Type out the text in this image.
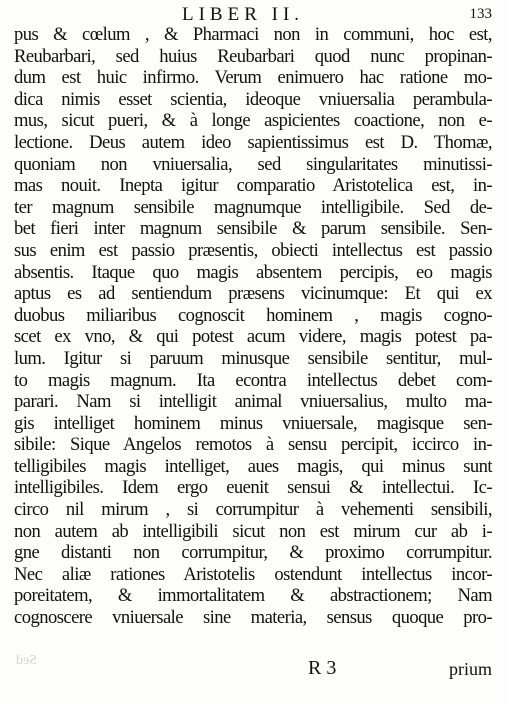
LIBER II.	133
pus & cœlum , & Pharmaci non in communi, hoc est,
Reubarbari, sed huius Reubarbari quod nunc propinan-
dum est huic infirmo. Verum enimuero hac ratione mo-
dica nimis esset scientia, ideoque vniuersalia perambula-
mus, sicut pueri, & à longe aspicientes coactione, non e-
lectione. Deus autem ideo sapientissimus est D. Thomæ,
quoniam non vniuersalia, sed singularitates minutissi-
mas nouit. Inepta igitur comparatio Aristotelica est, in-
ter magnum sensibile magnumque intelligibile. Sed de-
bet fieri inter magnum sensibile & parum sensibile. Sen-
sus enim est passio præsentis, obiecti intellectus est passio
absentis. Itaque quo magis absentem percipis, eo magis
aptus es ad sentiendum præsens vicinumque: Et qui ex
duobus miliaribus cognoscit hominem , magis cogno-
scet ex vno, & qui potest acum videre, magis potest pa-
lum. Igitur si paruum minusque sensibile sentitur, mul-
to magis magnum. Ita econtra intellectus debet com-
parari. Nam si intelligit animal vniuersalius, multo ma-
gis intelliget hominem minus vniuersale, magisque sen-
sibile: Sique Angelos remotos à sensu percipit, iccirco in-
telligibiles magis intelliget, aues magis, qui minus sunt
intelligibiles. Idem ergo euenit sensui & intellectui. Ic-
circo nil mirum , si corrumpitur à vehementi sensibili,
non autem ab intelligibili sicut non est mirum cur ab i-
gne distanti non corrumpitur, & proximo corrumpitur.
Nec aliæ rationes Aristotelis ostendunt intellectus incor-
poreitatem, & immortalitatem & abstractionem; Nam
cognoscere vniuersale sine materia, sensus quoque pro-
Sed	R 3	prium
